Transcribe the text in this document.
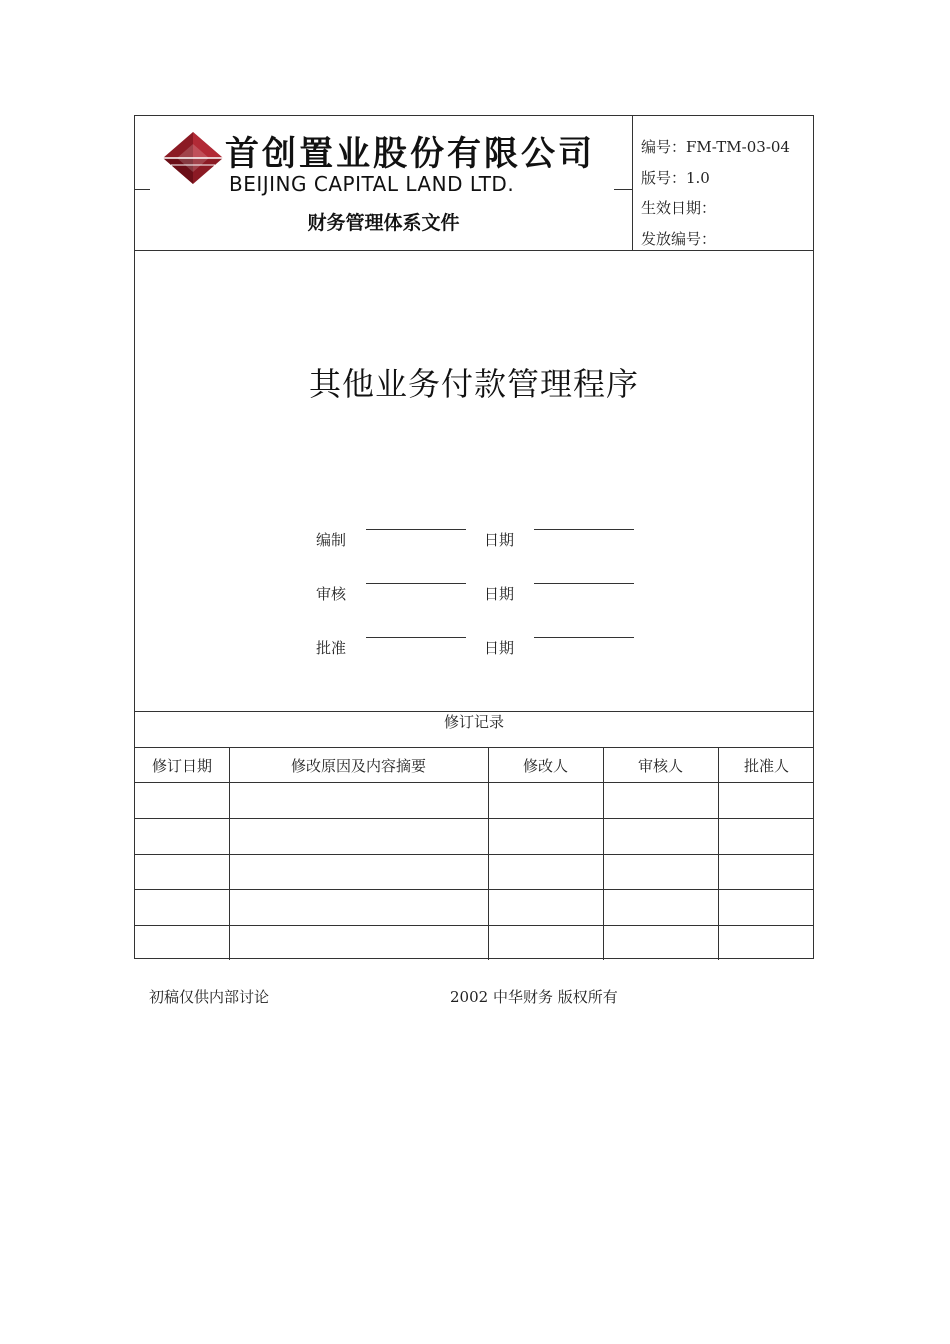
首创置业股份有限公司
BEIJING CAPITAL LAND LTD.
财务管理体系文件
编号：FM-TM-03-04
版号：1.0
生效日期：
发放编号：
其他业务付款管理程序
编制	日期
审核	日期
批准	日期
修订记录
修订日期	修改原因及内容摘要	修改人	审核人	批准人
初稿仅供内部讨论	2002 中华财务 版权所有
